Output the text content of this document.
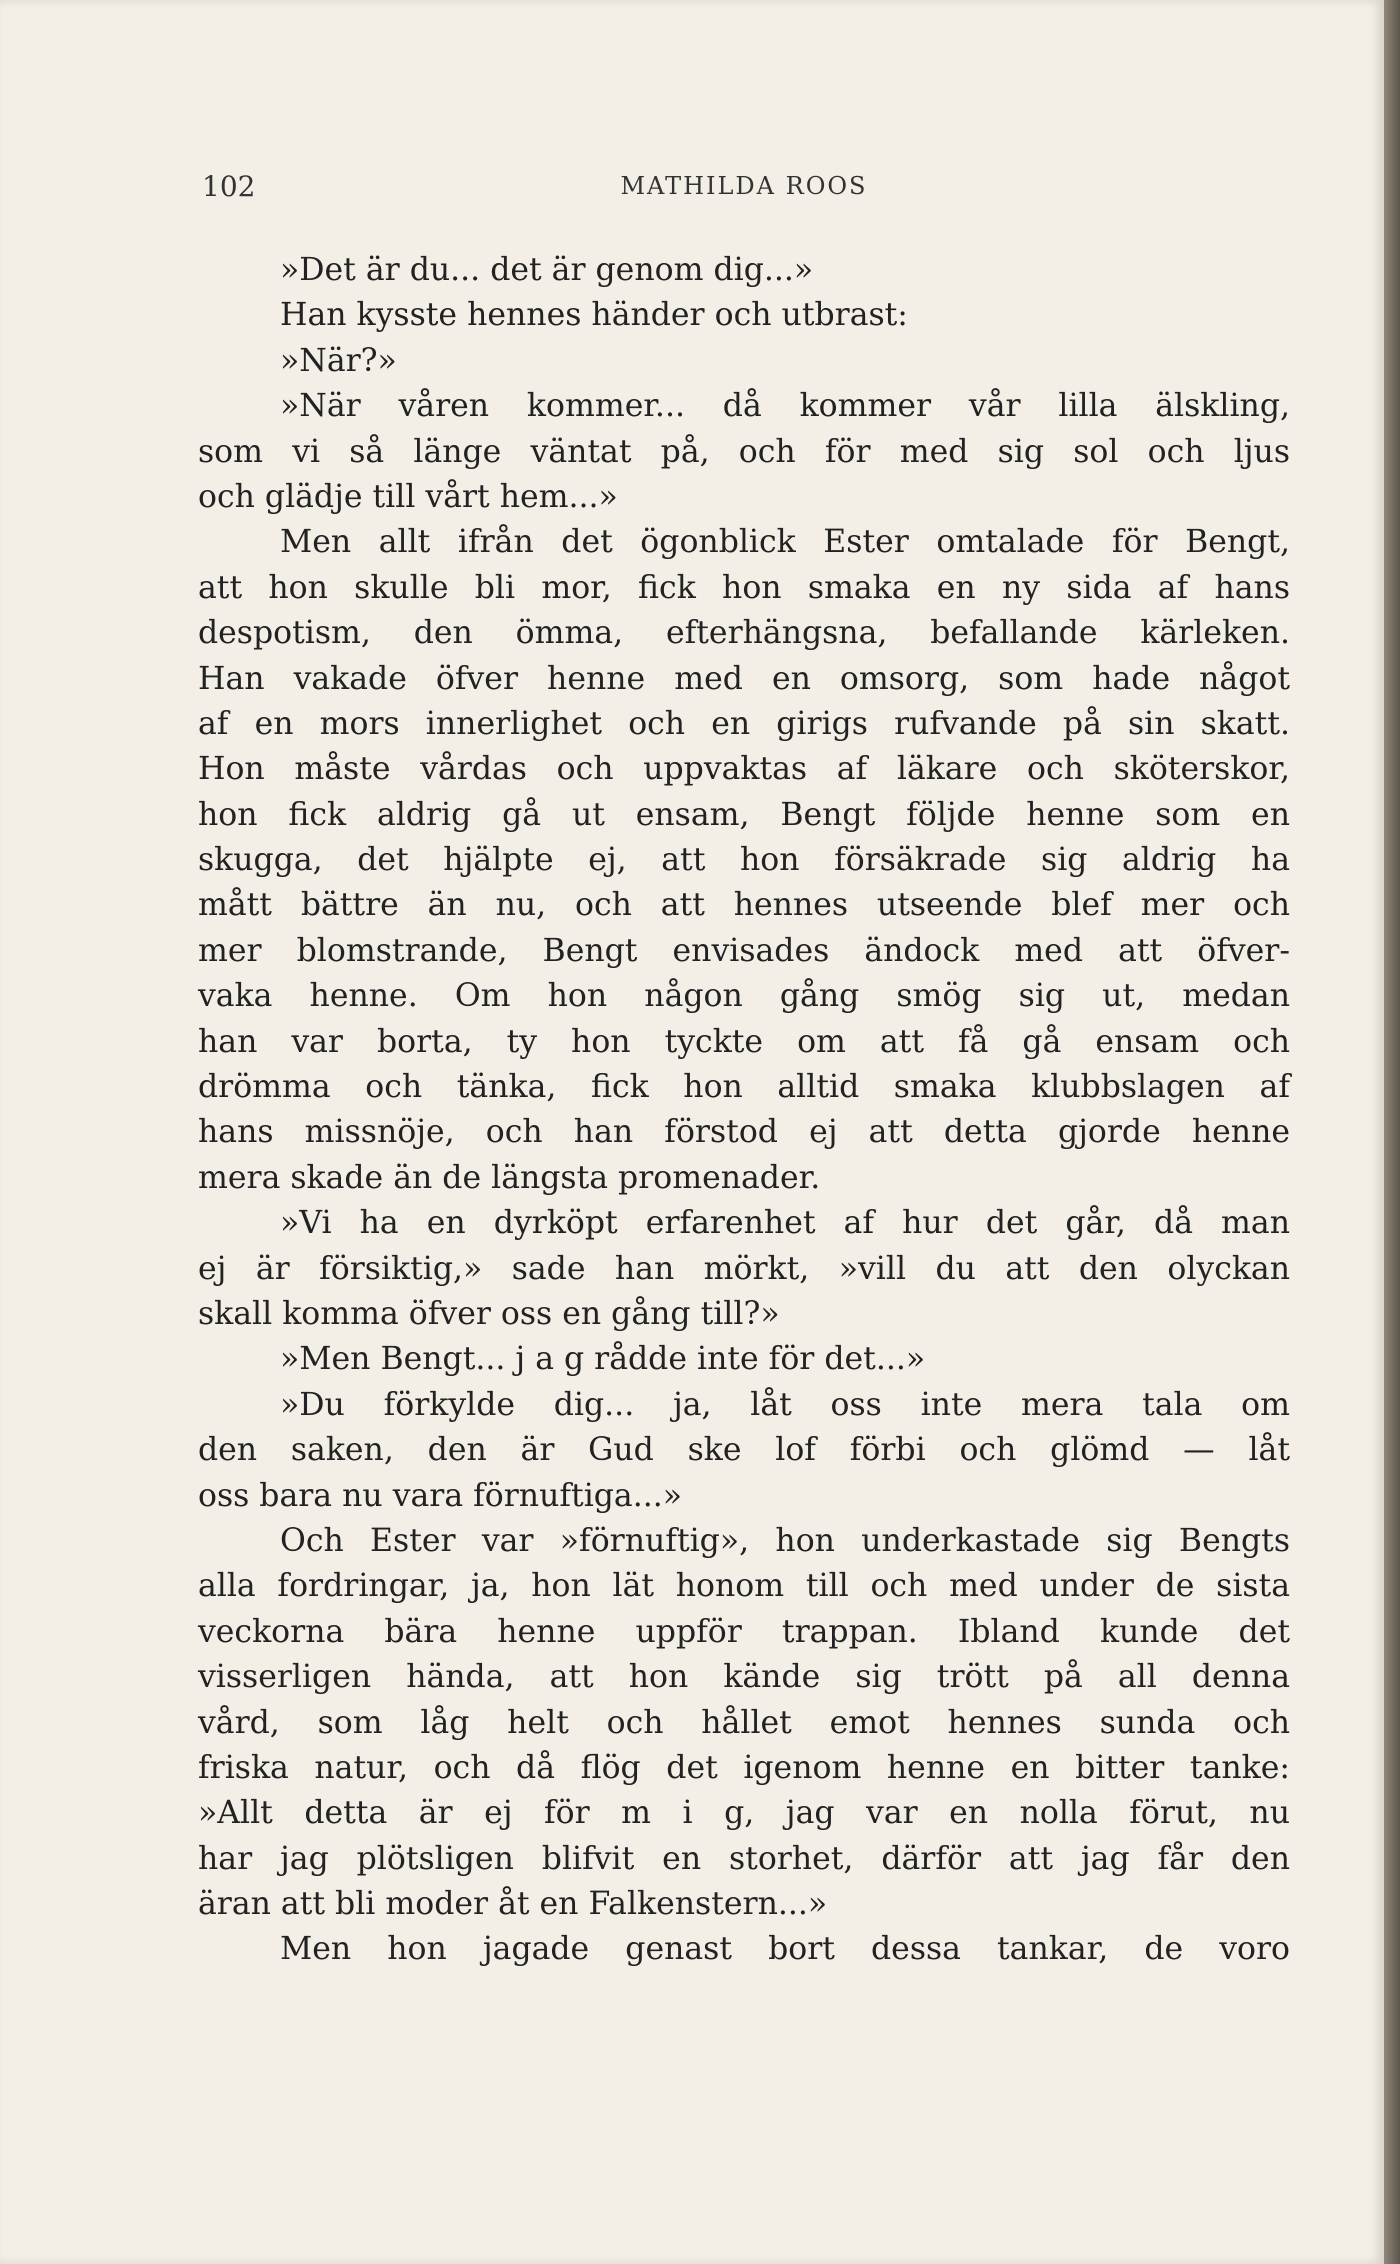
102	MATHILDA ROOS
»Det är du... det är genom dig...»
Han kysste hennes händer och utbrast:
»När?»
»När våren kommer... då kommer vår lilla älskling,
som vi så länge väntat på, och för med sig sol och ljus
och glädje till vårt hem...»
Men allt ifrån det ögonblick Ester omtalade för Bengt,
att hon skulle bli mor, fick hon smaka en ny sida af hans
despotism, den ömma, efterhängsna, befallande kärleken.
Han vakade öfver henne med en omsorg, som hade något
af en mors innerlighet och en girigs rufvande på sin skatt.
Hon måste vårdas och uppvaktas af läkare och sköterskor,
hon fick aldrig gå ut ensam, Bengt följde henne som en
skugga, det hjälpte ej, att hon försäkrade sig aldrig ha
mått bättre än nu, och att hennes utseende blef mer och
mer blomstrande, Bengt envisades ändock med att öfver-
vaka henne. Om hon någon gång smög sig ut, medan
han var borta, ty hon tyckte om att få gå ensam och
drömma och tänka, fick hon alltid smaka klubbslagen af
hans missnöje, och han förstod ej att detta gjorde henne
mera skade än de längsta promenader.
»Vi ha en dyrköpt erfarenhet af hur det går, då man
ej är försiktig,» sade han mörkt, »vill du att den olyckan
skall komma öfver oss en gång till?»
»Men Bengt... j a g rådde inte för det...»
»Du förkylde dig... ja, låt oss inte mera tala om
den saken, den är Gud ske lof förbi och glömd — låt
oss bara nu vara förnuftiga...»
Och Ester var »förnuftig», hon underkastade sig Bengts
alla fordringar, ja, hon lät honom till och med under de sista
veckorna bära henne uppför trappan. Ibland kunde det
visserligen hända, att hon kände sig trött på all denna
vård, som låg helt och hållet emot hennes sunda och
friska natur, och då flög det igenom henne en bitter tanke:
»Allt detta är ej för m i g, jag var en nolla förut, nu
har jag plötsligen blifvit en storhet, därför att jag får den
äran att bli moder åt en Falkenstern...»
Men hon jagade genast bort dessa tankar, de voro
